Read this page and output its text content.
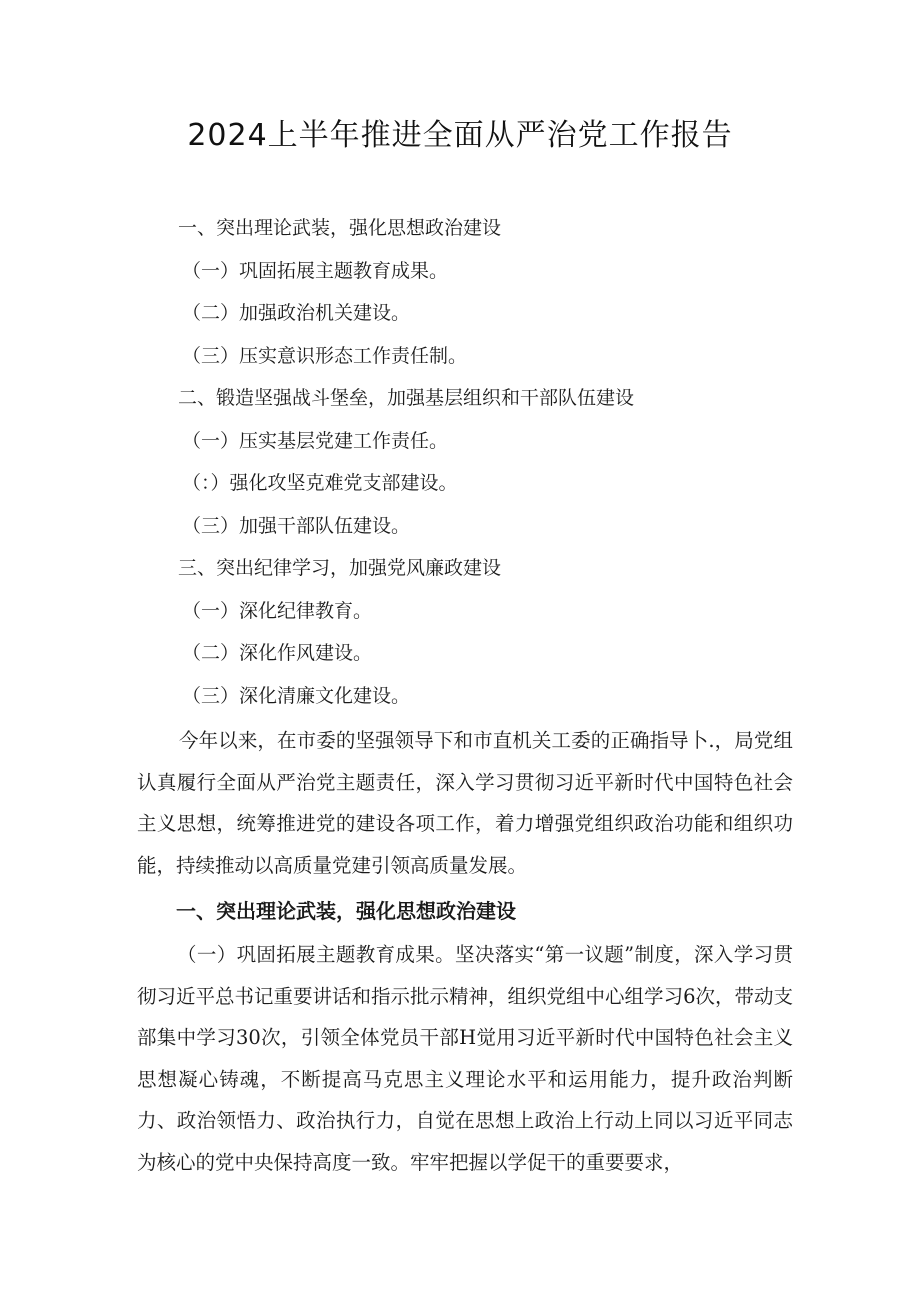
2024上半年推进全面从严治党工作报告
一、突出理论武装，强化思想政治建设
（一）巩固拓展主题教育成果。
（二）加强政治机关建设。
（三）压实意识形态工作责任制。
二、锻造坚强战斗堡垒，加强基层组织和干部队伍建设
（一）压实基层党建工作责任。
（：）强化攻坚克难党支部建设。
（三）加强干部队伍建设。
三、突出纪律学习，加强党风廉政建设
（一）深化纪律教育。
（二）深化作风建设。
（三）深化清廉文化建设。

今年以来，在市委的坚强领导下和市直机关工委的正确指导卜.，局党组认真履行全面从严治党主题责任，深入学习贯彻习近平新时代中国特色社会主义思想，统筹推进党的建设各项工作，着力增强党组织政治功能和组织功能，持续推动以高质量党建引领高质量发展。

一、突出理论武装，强化思想政治建设

（一）巩固拓展主题教育成果。坚决落实“第一议题”制度，深入学习贯彻习近平总书记重要讲话和指示批示精神，组织党组中心组学习6次，带动支部集中学习30次，引领全体党员干部H觉用习近平新时代中国特色社会主义思想凝心铸魂，不断提高马克思主义理论水平和运用能力，提升政治判断力、政治领悟力、政治执行力，自觉在思想上政治上行动上同以习近平同志为核心的党中央保持高度一致。牢牢把握以学促干的重要要求，
